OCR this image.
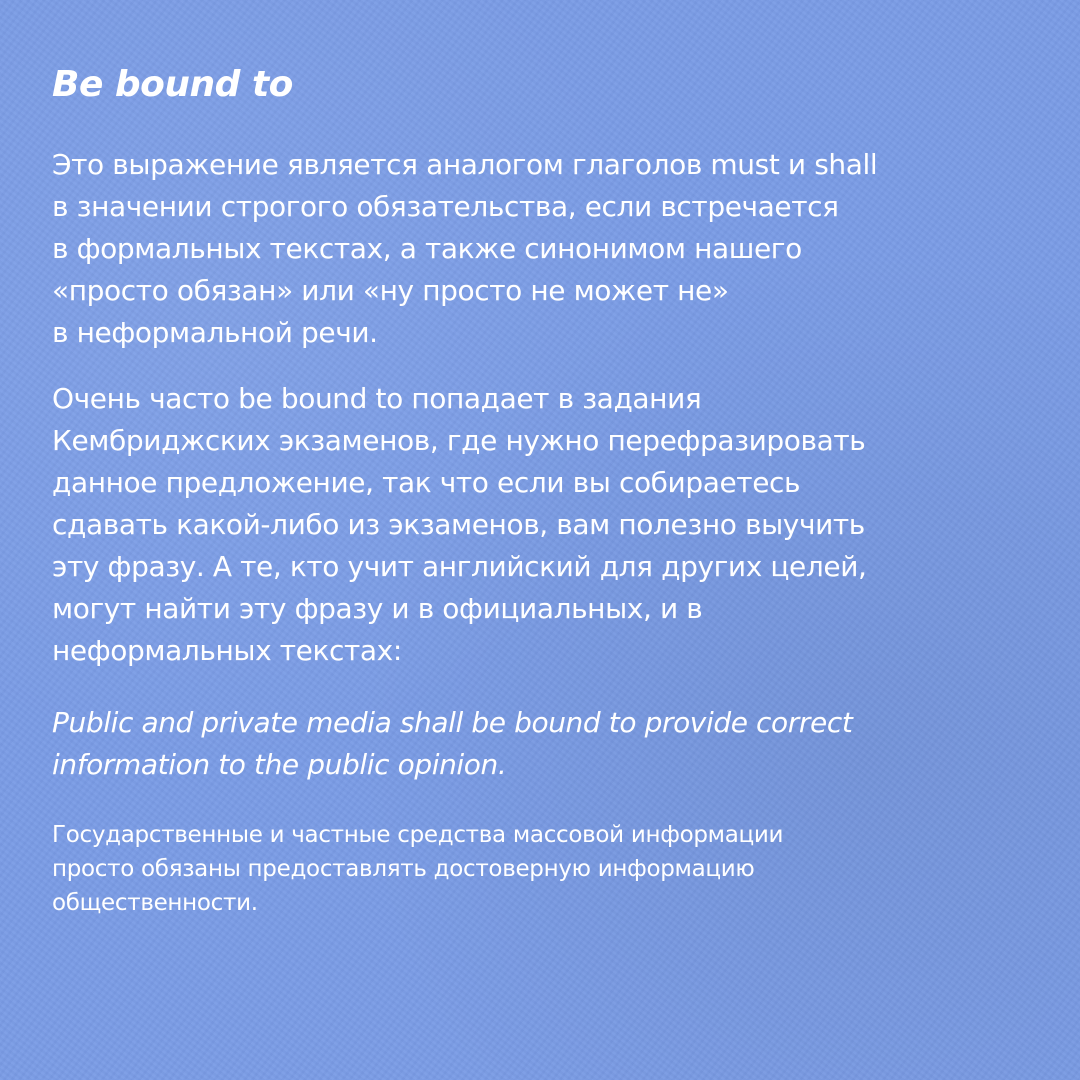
Be bound to

Это выражение является аналогом глаголов must и shall
в значении строгого обязательства, если встречается
в формальных текстах, а также синонимом нашего
«просто обязан» или «ну просто не может не»
в неформальной речи.

Очень часто be bound to попадает в задания
Кембриджских экзаменов, где нужно перефразировать
данное предложение, так что если вы собираетесь
сдавать какой-либо из экзаменов, вам полезно выучить
эту фразу. А те, кто учит английский для других целей,
могут найти эту фразу и в официальных, и в
неформальных текстах:

Public and private media shall be bound to provide correct
information to the public opinion.

Государственные и частные средства массовой информации
просто обязаны предоставлять достоверную информацию
общественности.
